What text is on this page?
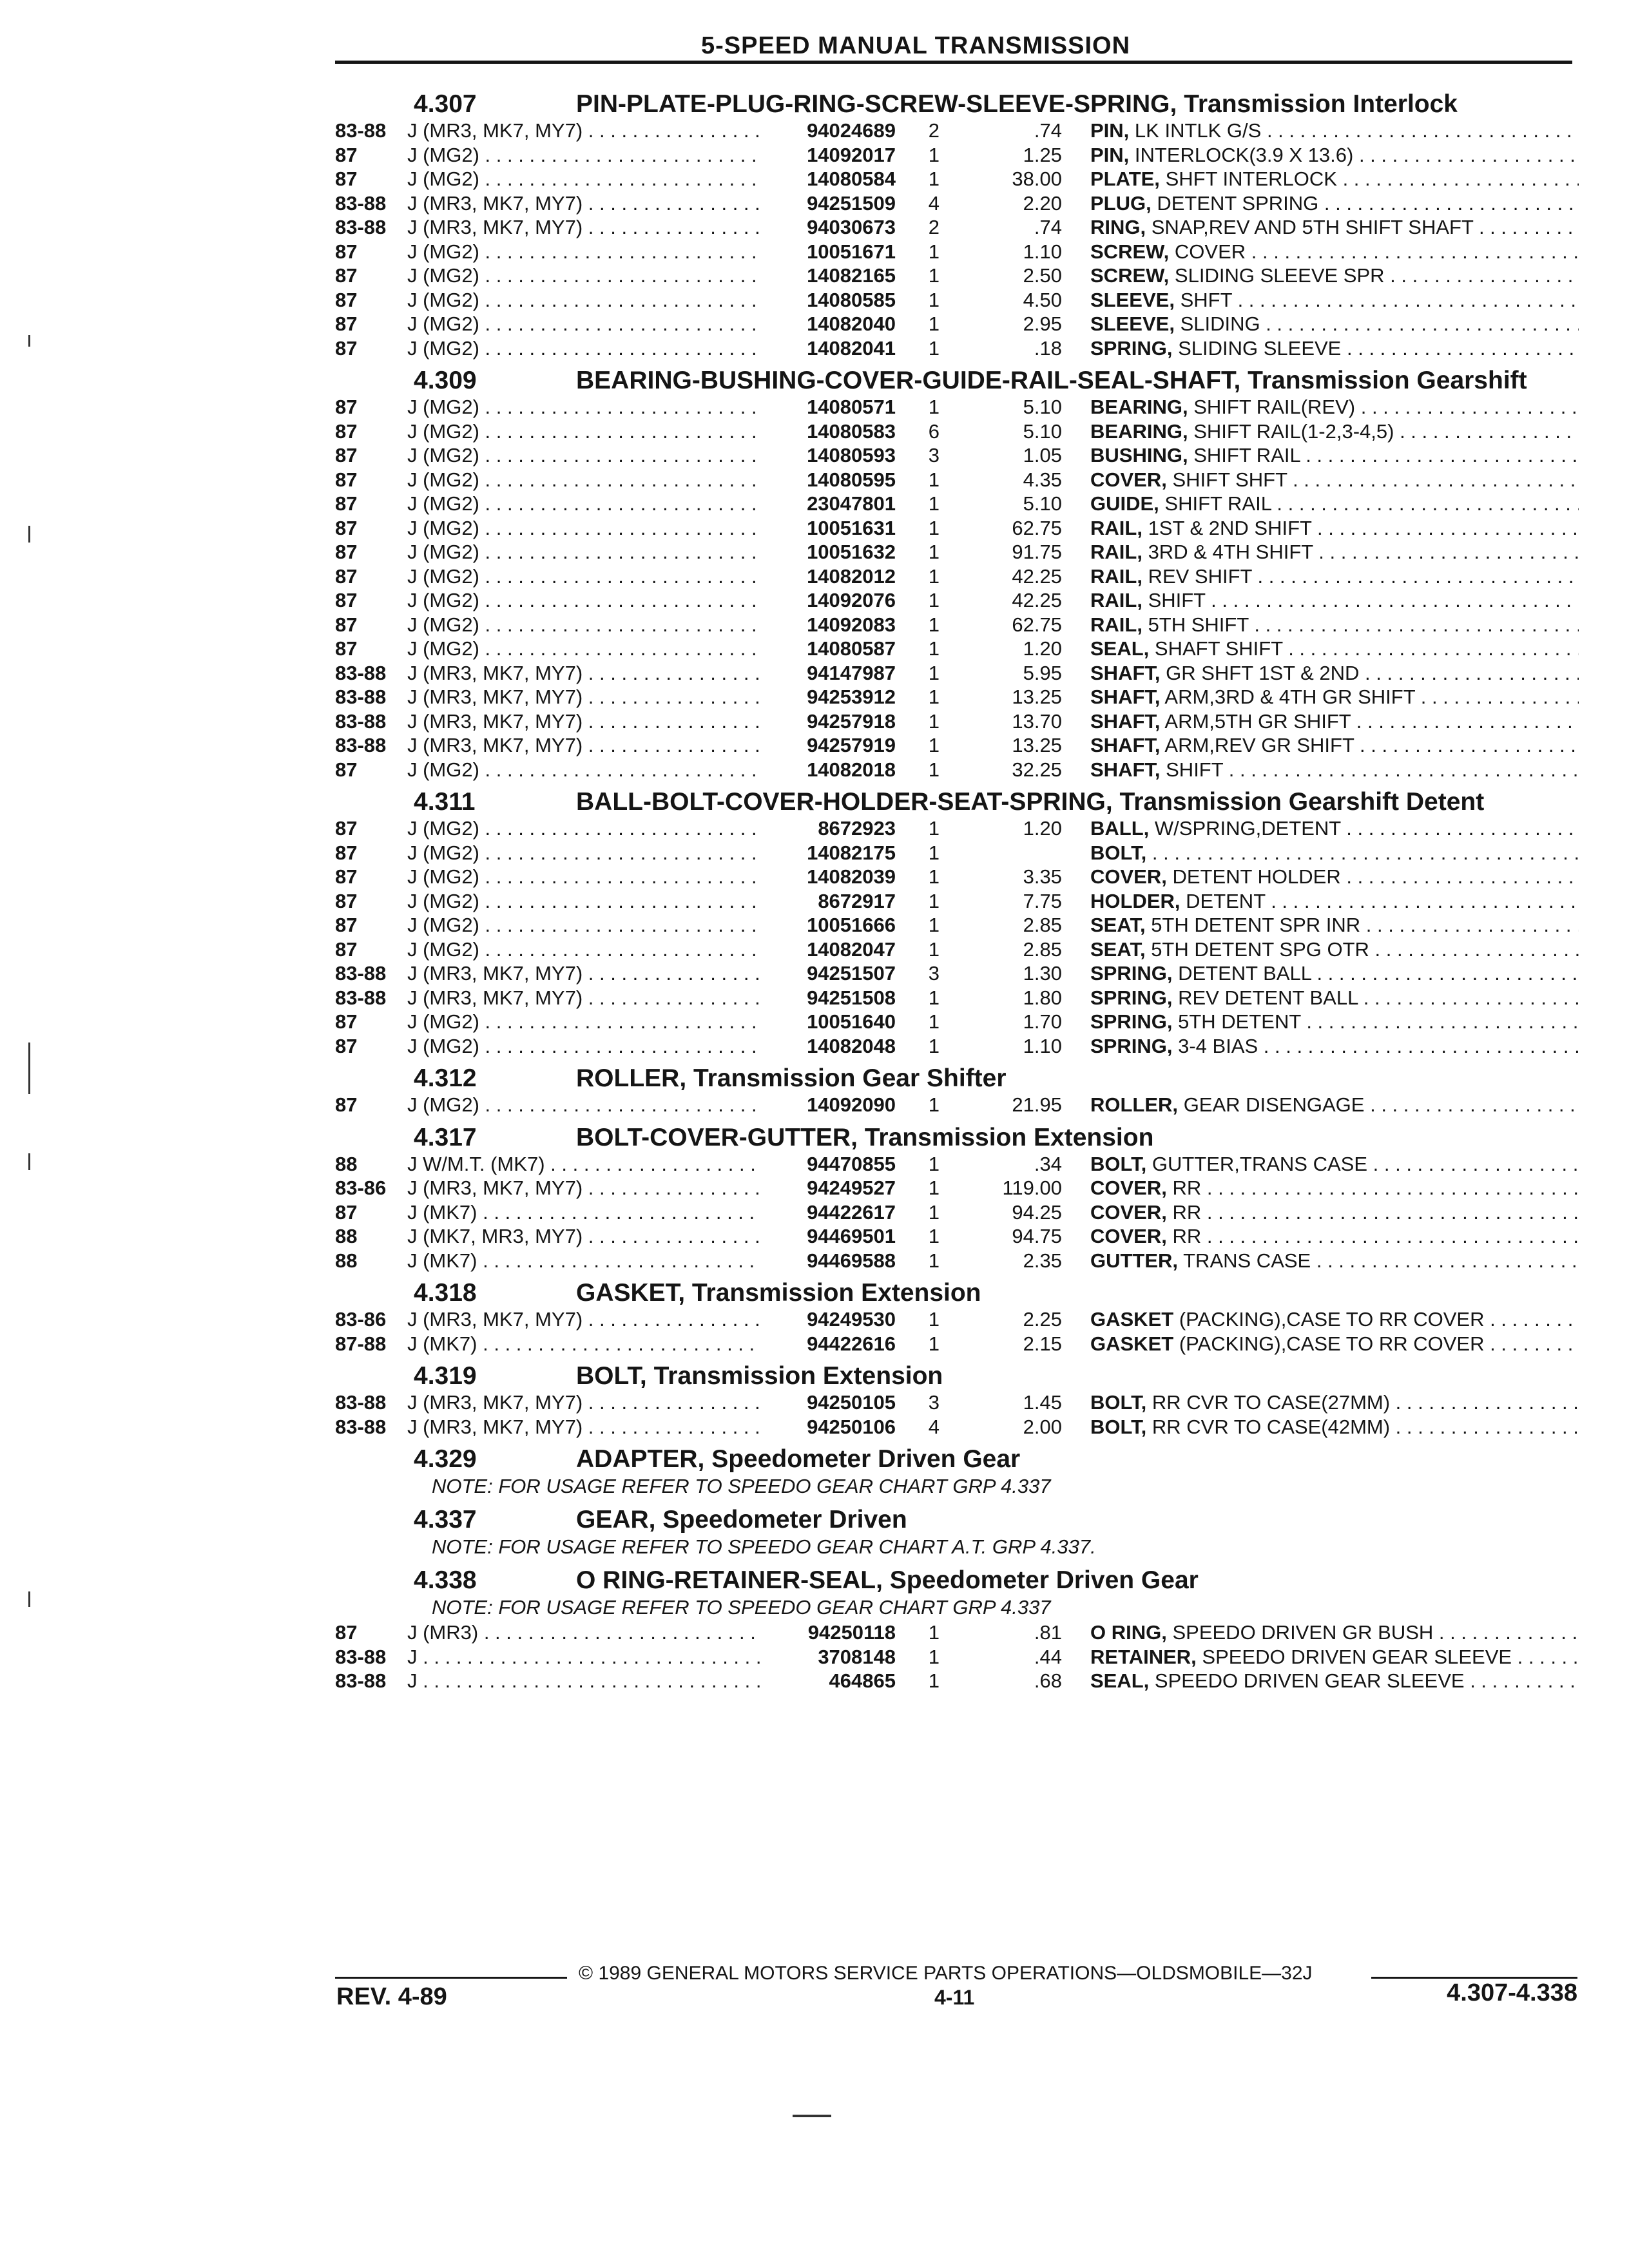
5-SPEED MANUAL TRANSMISSION
4.307	PIN-PLATE-PLUG-RING-SCREW-SLEEVE-SPRING, Transmission Interlock
83-88	J (MR3, MK7, MY7) . . .	94024689	2	.74	PIN, LK INTLK G/S . . .
87	J (MG2) . . .	14092017	1	1.25	PIN, INTERLOCK(3.9 X 13.6) . . .
87	J (MG2) . . .	14080584	1	38.00	PLATE, SHFT INTERLOCK . . .
83-88	J (MR3, MK7, MY7) . . .	94251509	4	2.20	PLUG, DETENT SPRING . . .
83-88	J (MR3, MK7, MY7) . . .	94030673	2	.74	RING, SNAP,REV AND 5TH SHIFT SHAFT . . .
87	J (MG2) . . .	10051671	1	1.10	SCREW, COVER . . .
87	J (MG2) . . .	14082165	1	2.50	SCREW, SLIDING SLEEVE SPR . . .
87	J (MG2) . . .	14080585	1	4.50	SLEEVE, SHFT . . .
87	J (MG2) . . .	14082040	1	2.95	SLEEVE, SLIDING . . .
87	J (MG2) . . .	14082041	1	.18	SPRING, SLIDING SLEEVE . . .
4.309	BEARING-BUSHING-COVER-GUIDE-RAIL-SEAL-SHAFT, Transmission Gearshift
87	J (MG2) . . .	14080571	1	5.10	BEARING, SHIFT RAIL(REV) . . .
87	J (MG2) . . .	14080583	6	5.10	BEARING, SHIFT RAIL(1-2,3-4,5) . . .
87	J (MG2) . . .	14080593	3	1.05	BUSHING, SHIFT RAIL . . .
87	J (MG2) . . .	14080595	1	4.35	COVER, SHIFT SHFT . . .
87	J (MG2) . . .	23047801	1	5.10	GUIDE, SHIFT RAIL . . .
87	J (MG2) . . .	10051631	1	62.75	RAIL, 1ST & 2ND SHIFT . . .
87	J (MG2) . . .	10051632	1	91.75	RAIL, 3RD & 4TH SHIFT . . .
87	J (MG2) . . .	14082012	1	42.25	RAIL, REV SHIFT . . .
87	J (MG2) . . .	14092076	1	42.25	RAIL, SHIFT . . .
87	J (MG2) . . .	14092083	1	62.75	RAIL, 5TH SHIFT . . .
87	J (MG2) . . .	14080587	1	1.20	SEAL, SHAFT SHIFT . . .
83-88	J (MR3, MK7, MY7) . . .	94147987	1	5.95	SHAFT, GR SHFT 1ST & 2ND . . .
83-88	J (MR3, MK7, MY7) . . .	94253912	1	13.25	SHAFT, ARM,3RD & 4TH GR SHIFT . . .
83-88	J (MR3, MK7, MY7) . . .	94257918	1	13.70	SHAFT, ARM,5TH GR SHIFT . . .
83-88	J (MR3, MK7, MY7) . . .	94257919	1	13.25	SHAFT, ARM,REV GR SHIFT . . .
87	J (MG2) . . .	14082018	1	32.25	SHAFT, SHIFT . . .
4.311	BALL-BOLT-COVER-HOLDER-SEAT-SPRING, Transmission Gearshift Detent
87	J (MG2) . . .	8672923	1	1.20	BALL, W/SPRING,DETENT . . .
87	J (MG2) . . .	14082175	1	BOLT, . . .
87	J (MG2) . . .	14082039	1	3.35	COVER, DETENT HOLDER . . .
87	J (MG2) . . .	8672917	1	7.75	HOLDER, DETENT . . .
87	J (MG2) . . .	10051666	1	2.85	SEAT, 5TH DETENT SPR INR . . .
87	J (MG2) . . .	14082047	1	2.85	SEAT, 5TH DETENT SPG OTR . . .
83-88	J (MR3, MK7, MY7) . . .	94251507	3	1.30	SPRING, DETENT BALL . . .
83-88	J (MR3, MK7, MY7) . . .	94251508	1	1.80	SPRING, REV DETENT BALL . . .
87	J (MG2) . . .	10051640	1	1.70	SPRING, 5TH DETENT . . .
87	J (MG2) . . .	14082048	1	1.10	SPRING, 3-4 BIAS . . .
4.312	ROLLER, Transmission Gear Shifter
87	J (MG2) . . .	14092090	1	21.95	ROLLER, GEAR DISENGAGE . . .
4.317	BOLT-COVER-GUTTER, Transmission Extension
88	J W/M.T. (MK7) . . .	94470855	1	.34	BOLT, GUTTER,TRANS CASE . . .
83-86	J (MR3, MK7, MY7) . . .	94249527	1	119.00	COVER, RR . . .
87	J (MK7) . . .	94422617	1	94.25	COVER, RR . . .
88	J (MK7, MR3, MY7) . . .	94469501	1	94.75	COVER, RR . . .
88	J (MK7) . . .	94469588	1	2.35	GUTTER, TRANS CASE . . .
4.318	GASKET, Transmission Extension
83-86	J (MR3, MK7, MY7) . . .	94249530	1	2.25	GASKET (PACKING),CASE TO RR COVER . . .
87-88	J (MK7) . . .	94422616	1	2.15	GASKET (PACKING),CASE TO RR COVER . . .
4.319	BOLT, Transmission Extension
83-88	J (MR3, MK7, MY7) . . .	94250105	3	1.45	BOLT, RR CVR TO CASE(27MM) . . .
83-88	J (MR3, MK7, MY7) . . .	94250106	4	2.00	BOLT, RR CVR TO CASE(42MM) . . .
4.329	ADAPTER, Speedometer Driven Gear
NOTE: FOR USAGE REFER TO SPEEDO GEAR CHART GRP 4.337
4.337	GEAR, Speedometer Driven
NOTE: FOR USAGE REFER TO SPEEDO GEAR CHART A.T. GRP 4.337.
4.338	O RING-RETAINER-SEAL, Speedometer Driven Gear
NOTE: FOR USAGE REFER TO SPEEDO GEAR CHART GRP 4.337
87	J (MR3) . . .	94250118	1	.81	O RING, SPEEDO DRIVEN GR BUSH . . .
83-88	J . . .	3708148	1	.44	RETAINER, SPEEDO DRIVEN GEAR SLEEVE . . .
83-88	J . . .	464865	1	.68	SEAL, SPEEDO DRIVEN GEAR SLEEVE . . .
© 1989 GENERAL MOTORS SERVICE PARTS OPERATIONS—OLDSMOBILE—32J
REV. 4-89	4-11	4.307-4.338
